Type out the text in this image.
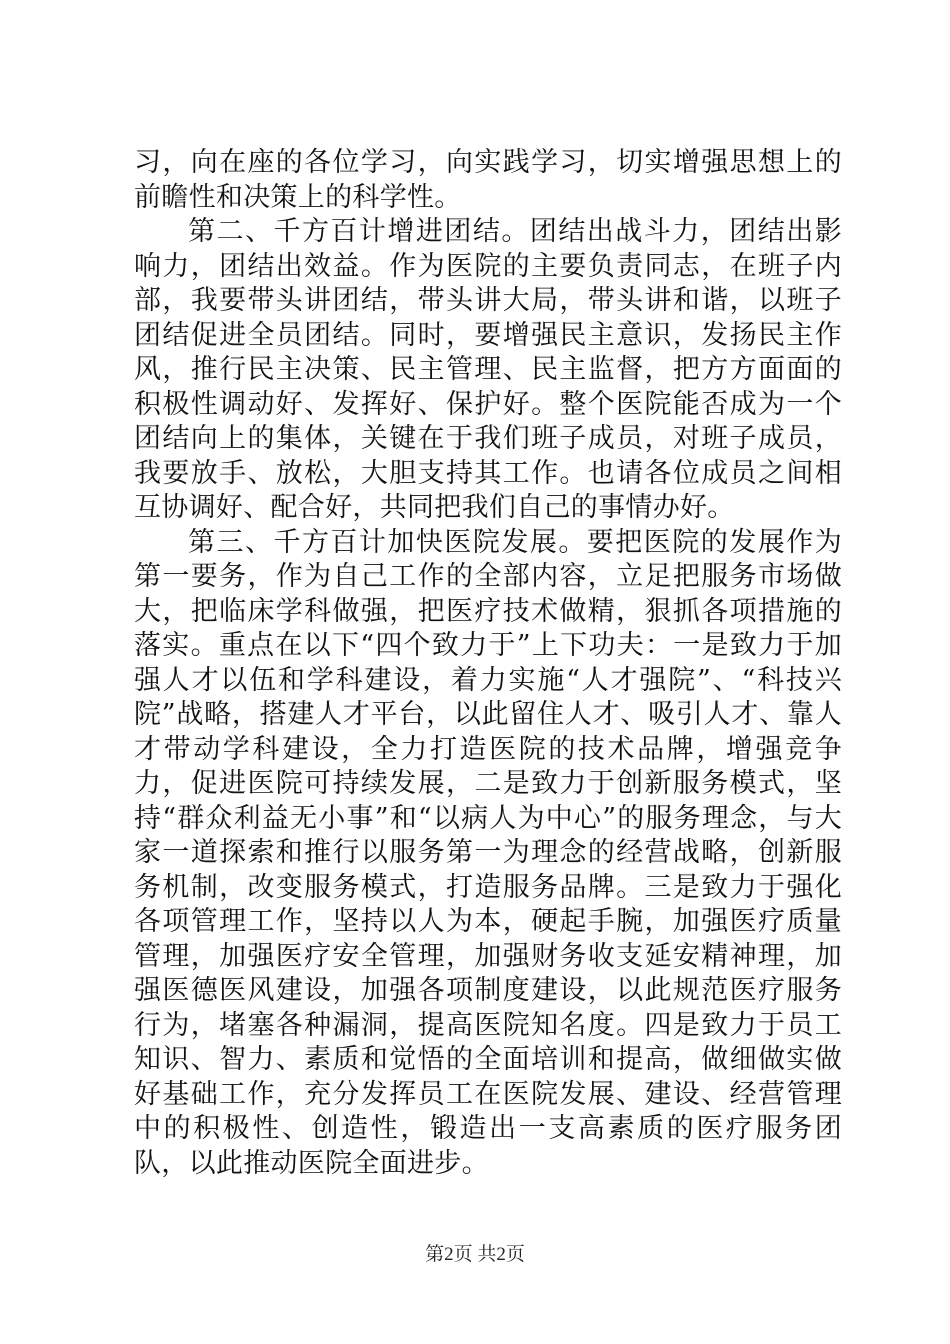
习，向在座的各位学习，向实践学习，切实增强思想上的前瞻性和决策上的科学性。

第二、千方百计增进团结。团结出战斗力，团结出影响力，团结出效益。作为医院的主要负责同志，在班子内部，我要带头讲团结，带头讲大局，带头讲和谐，以班子团结促进全员团结。同时，要增强民主意识，发扬民主作风，推行民主决策、民主管理、民主监督，把方方面面的积极性调动好、发挥好、保护好。整个医院能否成为一个团结向上的集体，关键在于我们班子成员，对班子成员，我要放手、放松，大胆支持其工作。也请各位成员之间相互协调好、配合好，共同把我们自己的事情办好。

第三、千方百计加快医院发展。要把医院的发展作为第一要务，作为自己工作的全部内容，立足把服务市场做大，把临床学科做强，把医疗技术做精，狠抓各项措施的落实。重点在以下“四个致力于”上下功夫：一是致力于加强人才以伍和学科建设，着力实施“人才强院”、“科技兴院”战略，搭建人才平台，以此留住人才、吸引人才、靠人才带动学科建设，全力打造医院的技术品牌，增强竞争力，促进医院可持续发展，二是致力于创新服务模式，坚持“群众利益无小事”和“以病人为中心”的服务理念，与大家一道探索和推行以服务第一为理念的经营战略，创新服务机制，改变服务模式，打造服务品牌。三是致力于强化各项管理工作，坚持以人为本，硬起手腕，加强医疗质量管理，加强医疗安全管理，加强财务收支延安精神理，加强医德医风建设，加强各项制度建设，以此规范医疗服务行为，堵塞各种漏洞，提高医院知名度。四是致力于员工知识、智力、素质和觉悟的全面培训和提高，做细做实做好基础工作，充分发挥员工在医院发展、建设、经营管理中的积极性、创造性，锻造出一支高素质的医疗服务团队，以此推动医院全面进步。

第2页 共2页
